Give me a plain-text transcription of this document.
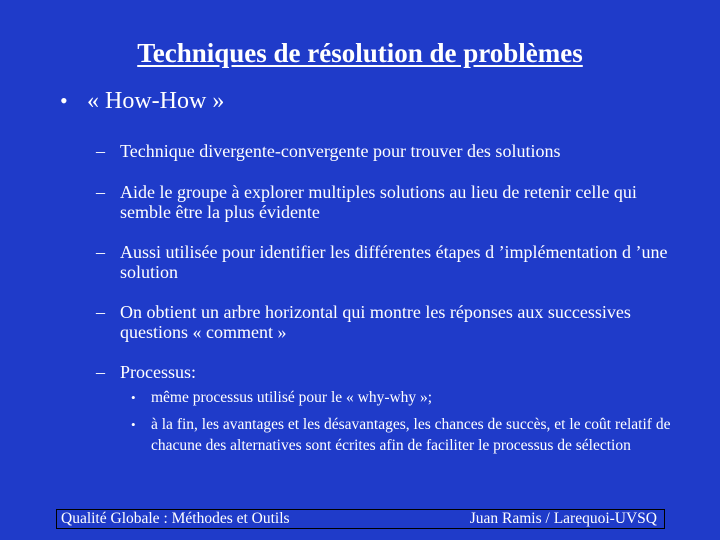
Techniques de résolution de problèmes
• « How-How »
– Technique divergente-convergente pour trouver des solutions
– Aide le groupe à explorer multiples solutions au lieu de retenir celle qui semble être la plus évidente
– Aussi utilisée pour identifier les différentes étapes d ’implémentation d ’une solution
– On obtient un arbre horizontal qui montre les réponses aux successives questions « comment »
– Processus:
• même processus utilisé pour le « why-why »;
• à la fin, les avantages et les désavantages, les chances de succès, et le coût relatif de chacune des alternatives sont écrites afin de faciliter le processus de sélection
Qualité Globale : Méthodes et Outils	Juan Ramis / Larequoi-UVSQ
